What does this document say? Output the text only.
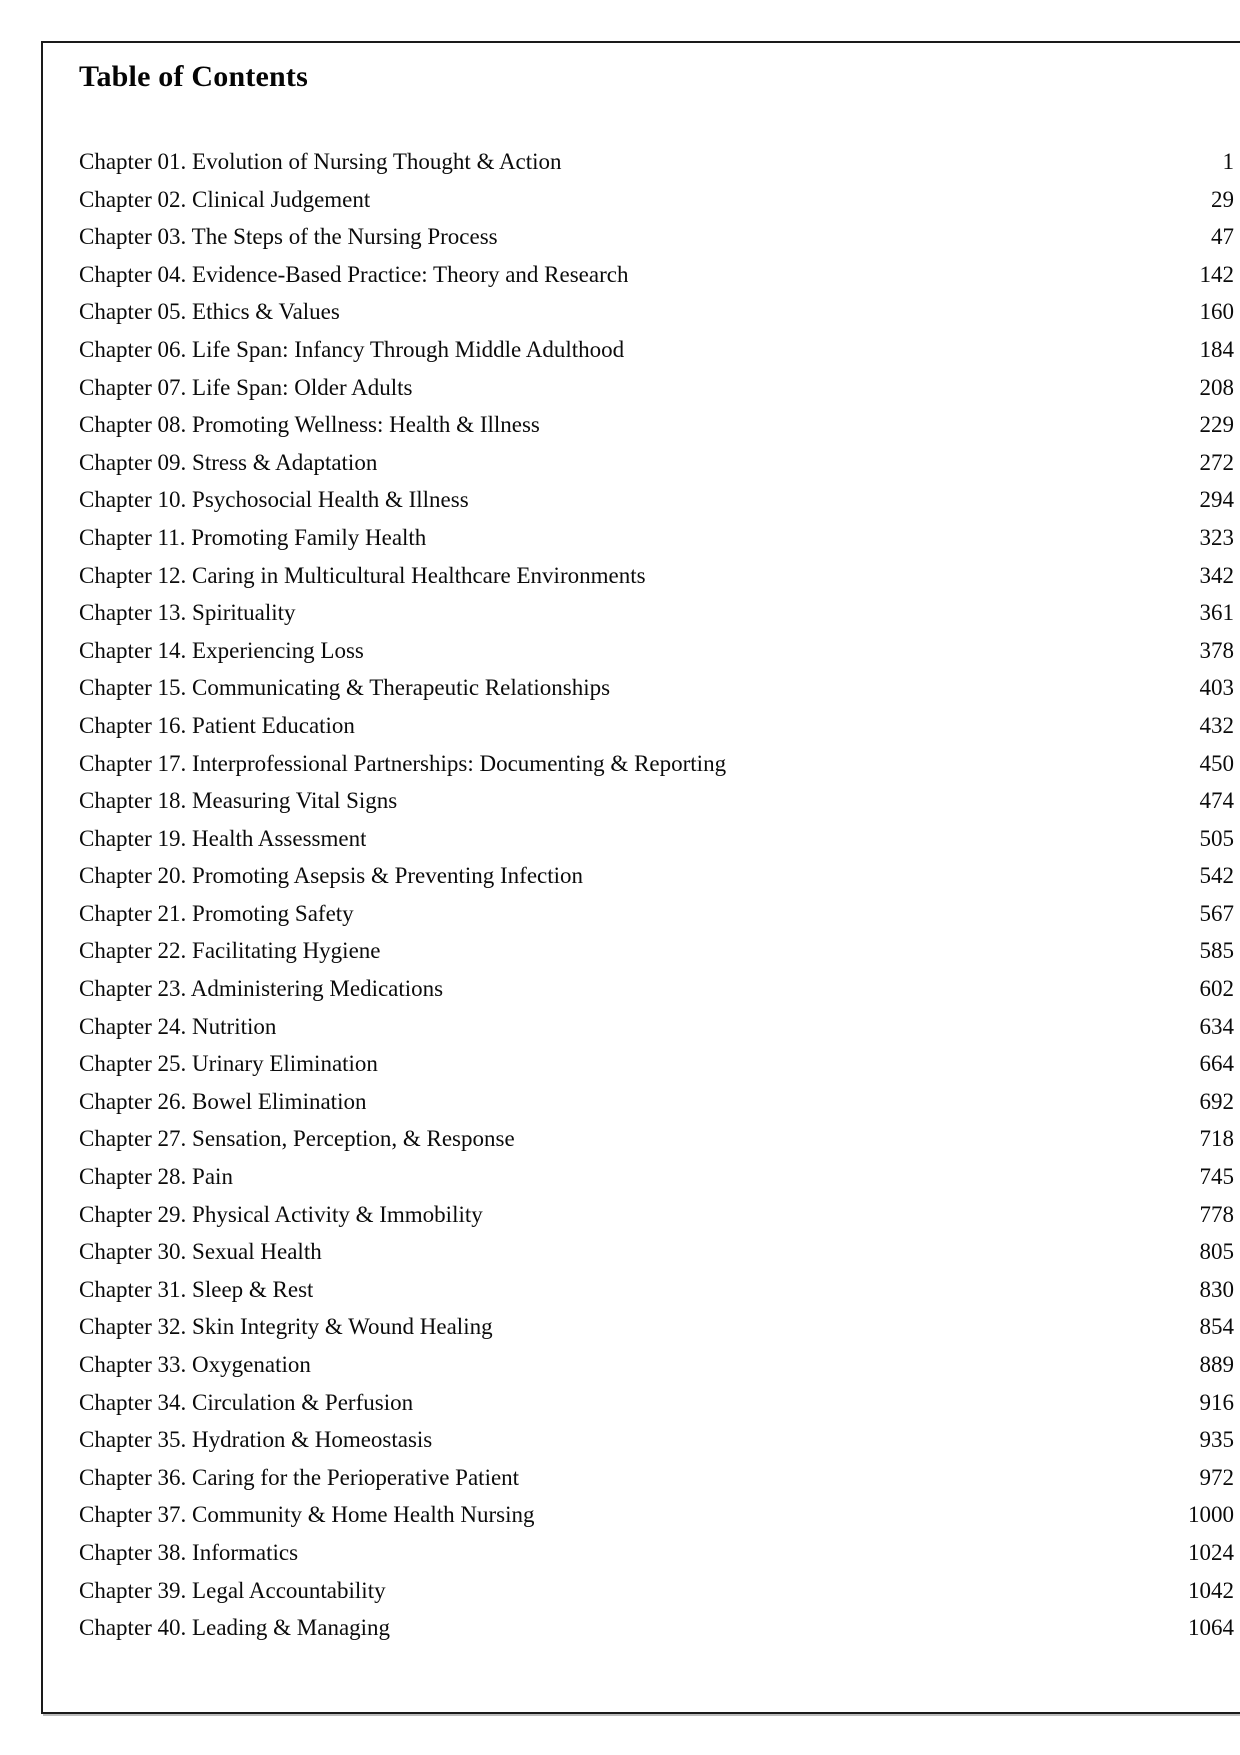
Table of Contents
Chapter 01. Evolution of Nursing Thought & Action	1
Chapter 02. Clinical Judgement	29
Chapter 03. The Steps of the Nursing Process	47
Chapter 04. Evidence-Based Practice: Theory and Research	142
Chapter 05. Ethics & Values	160
Chapter 06. Life Span: Infancy Through Middle Adulthood	184
Chapter 07. Life Span: Older Adults	208
Chapter 08. Promoting Wellness: Health & Illness	229
Chapter 09. Stress & Adaptation	272
Chapter 10. Psychosocial Health & Illness	294
Chapter 11. Promoting Family Health	323
Chapter 12. Caring in Multicultural Healthcare Environments	342
Chapter 13. Spirituality	361
Chapter 14. Experiencing Loss	378
Chapter 15. Communicating & Therapeutic Relationships	403
Chapter 16. Patient Education	432
Chapter 17. Interprofessional Partnerships: Documenting & Reporting	450
Chapter 18. Measuring Vital Signs	474
Chapter 19. Health Assessment	505
Chapter 20. Promoting Asepsis & Preventing Infection	542
Chapter 21. Promoting Safety	567
Chapter 22. Facilitating Hygiene	585
Chapter 23. Administering Medications	602
Chapter 24. Nutrition	634
Chapter 25. Urinary Elimination	664
Chapter 26. Bowel Elimination	692
Chapter 27. Sensation, Perception, & Response	718
Chapter 28. Pain	745
Chapter 29. Physical Activity & Immobility	778
Chapter 30. Sexual Health	805
Chapter 31. Sleep & Rest	830
Chapter 32. Skin Integrity & Wound Healing	854
Chapter 33. Oxygenation	889
Chapter 34. Circulation & Perfusion	916
Chapter 35. Hydration & Homeostasis	935
Chapter 36. Caring for the Perioperative Patient	972
Chapter 37. Community & Home Health Nursing	1000
Chapter 38. Informatics	1024
Chapter 39. Legal Accountability	1042
Chapter 40. Leading & Managing	1064
